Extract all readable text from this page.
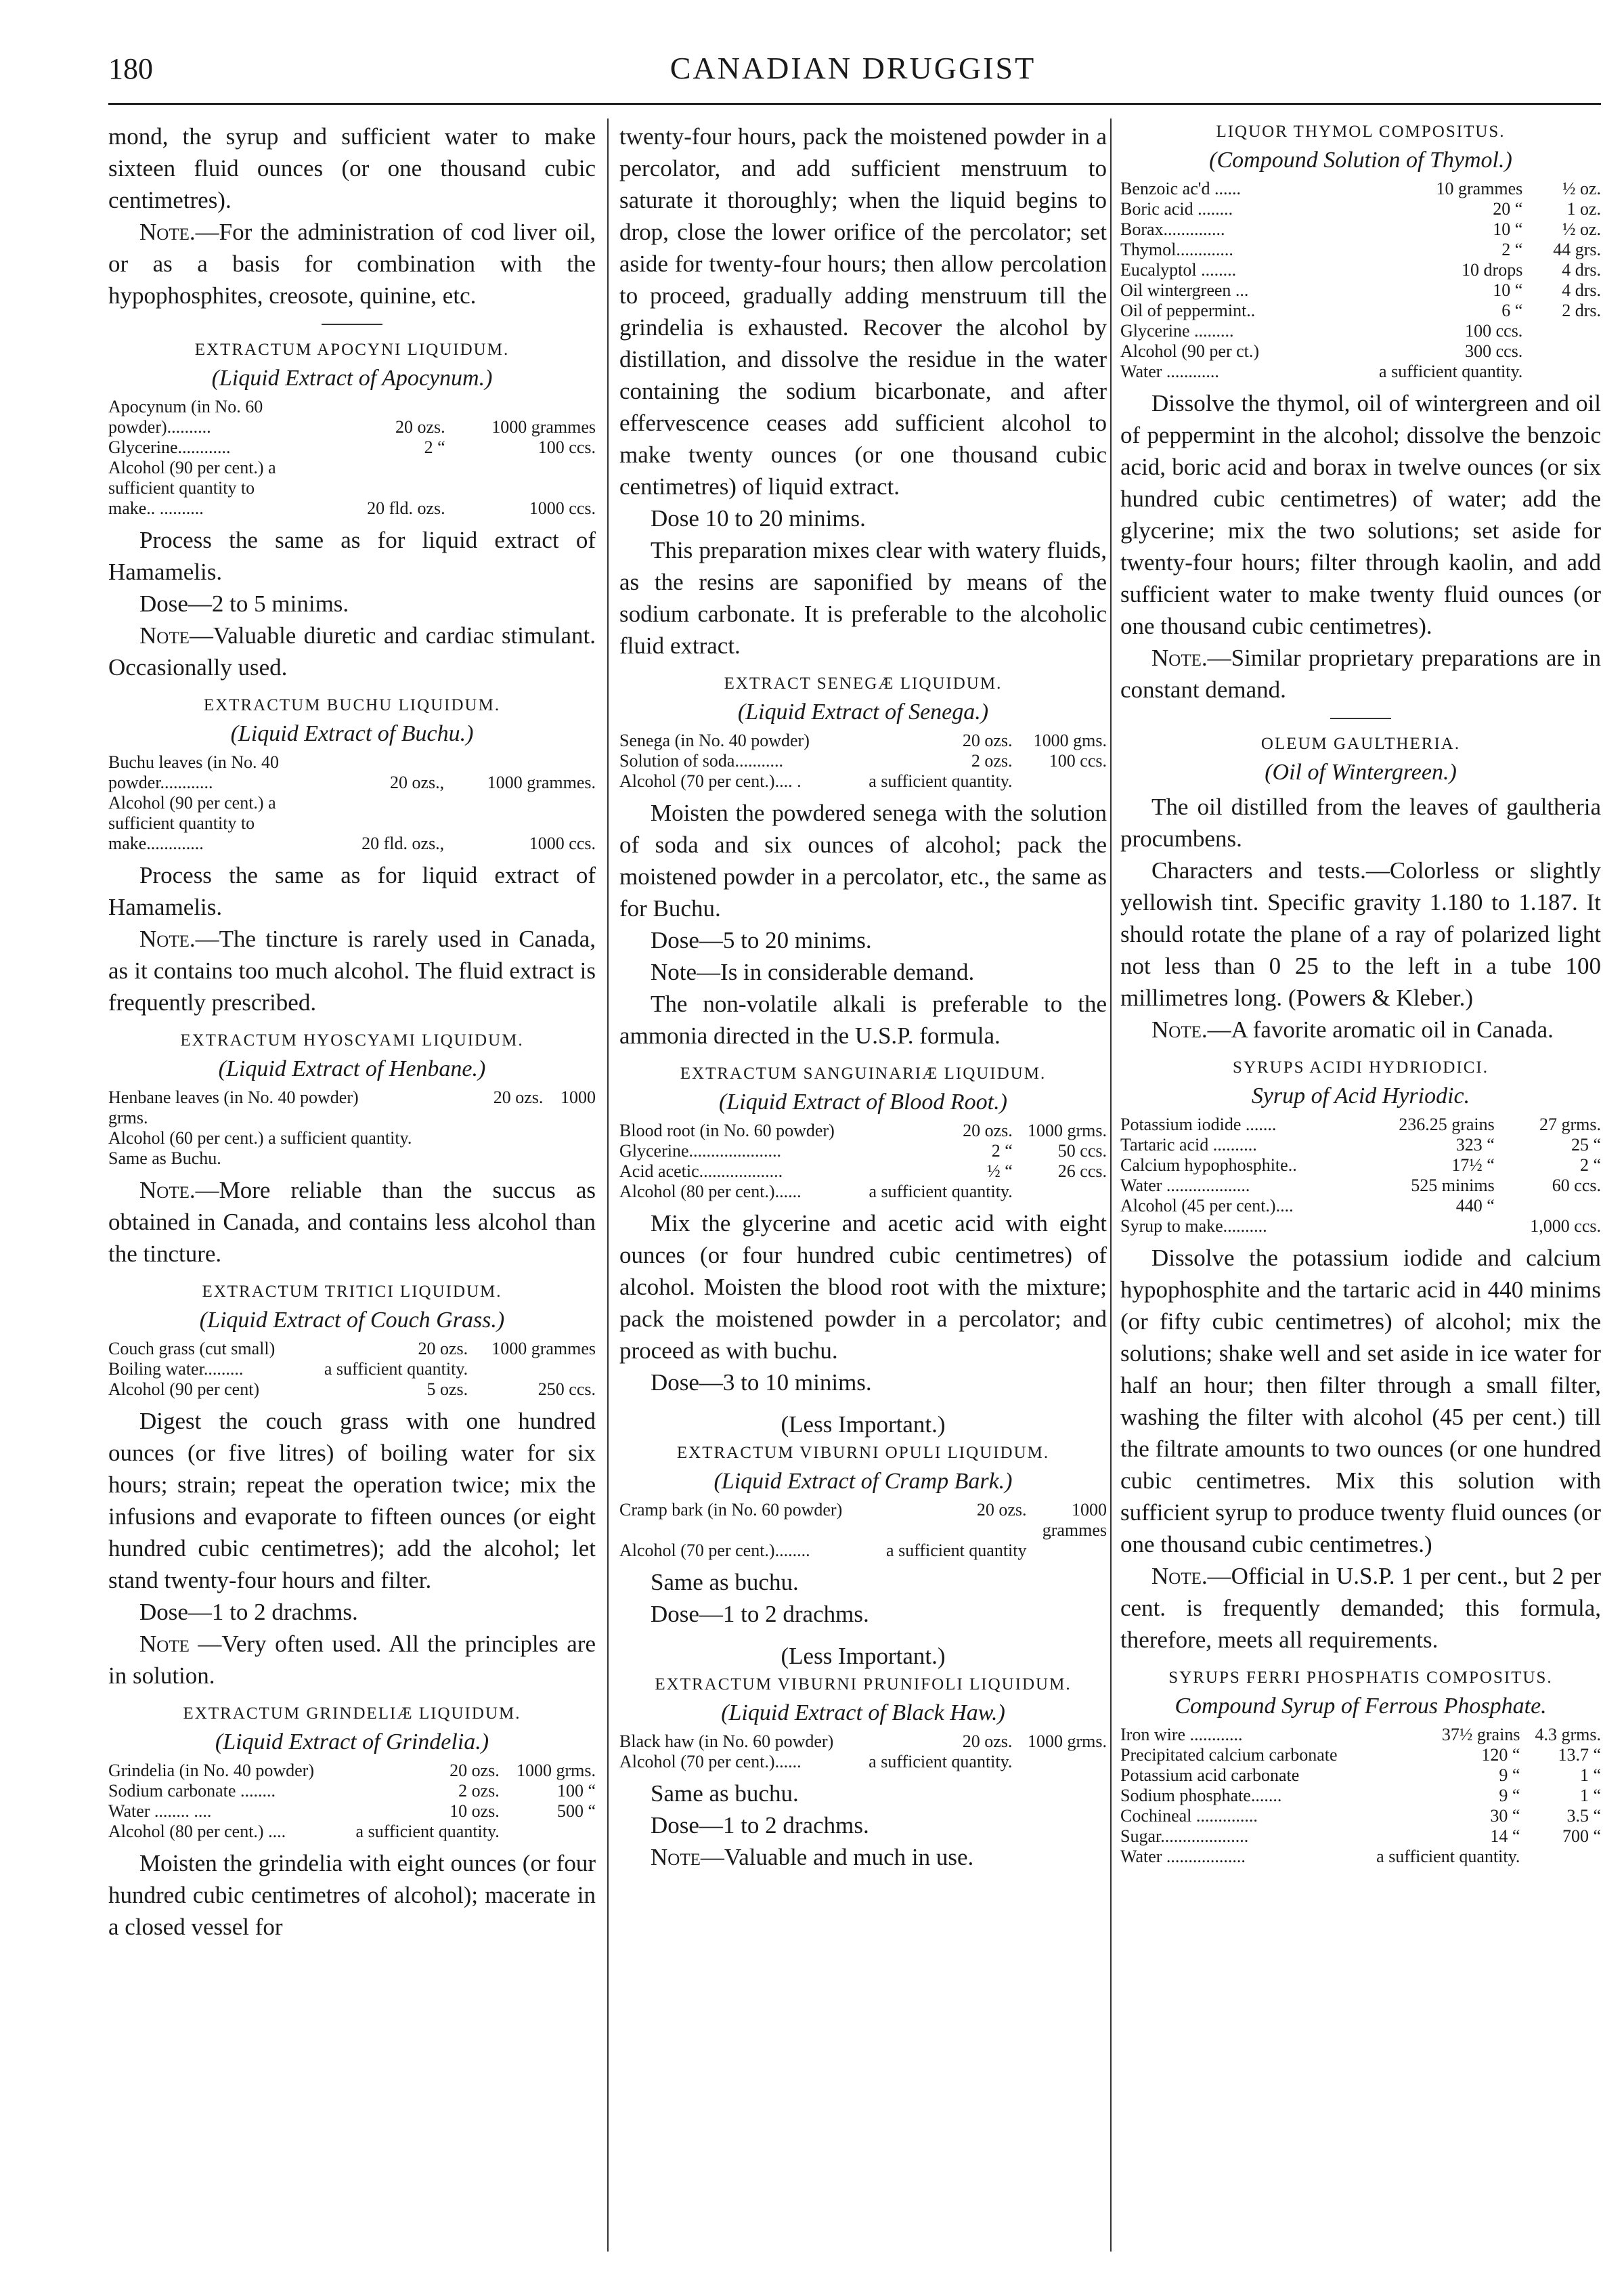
180	CANADIAN DRUGGIST

mond, the syrup and sufficient water to make sixteen fluid ounces (or one thousand cubic centimetres).

Note.—For the administration of cod liver oil, or as a basis for combination with the hypophosphites, creosote, quinine, etc.

EXTRACTUM APOCYNI LIQUIDUM.
(Liquid Extract of Apocynum.)
Apocynum (in No. 60		
powder)..........	20 ozs.	1000 grammes
Glycerine............	2 “	100 ccs.
Alcohol (90 per cent.) a		
sufficient quantity to		
make.. ..........	20 fld. ozs.	1000 ccs.

Process the same as for liquid extract of Hamamelis.

Dose—2 to 5 minims.

Note—Valuable diuretic and cardiac stimulant. Occasionally used.

EXTRACTUM BUCHU LIQUIDUM.
(Liquid Extract of Buchu.)
Buchu leaves (in No. 40		
powder............	20 ozs.,	1000 grammes.
Alcohol (90 per cent.) a		
sufficient quantity to		
make.............	20 fld. ozs.,	1000 ccs.

Process the same as for liquid extract of Hamamelis.

Note.—The tincture is rarely used in Canada, as it contains too much alcohol. The fluid extract is frequently prescribed.

EXTRACTUM HYOSCYAMI LIQUIDUM.
(Liquid Extract of Henbane.)
Henbane leaves (in No. 40 powder)	20 ozs.	1000
grms.		
Alcohol (60 per cent.) a sufficient quantity.		
Same as Buchu.		

Note.—More reliable than the succus as obtained in Canada, and contains less alcohol than the tincture.

EXTRACTUM TRITICI LIQUIDUM.
(Liquid Extract of Couch Grass.)
Couch grass (cut small)	20 ozs.	1000 grammes
Boiling water.........	a sufficient quantity.	
Alcohol (90 per cent)	5 ozs.	250 ccs.

Digest the couch grass with one hundred ounces (or five litres) of boiling water for six hours; strain; repeat the operation twice; mix the infusions and evaporate to fifteen ounces (or eight hundred cubic centimetres); add the alcohol; let stand twenty-four hours and filter.

Dose—1 to 2 drachms.

Note —Very often used. All the principles are in solution.

EXTRACTUM GRINDELIÆ LIQUIDUM.
(Liquid Extract of Grindelia.)
Grindelia (in No. 40 powder)	20 ozs.	1000 grms.
Sodium carbonate ........	2 ozs.	100 “
Water ........ ....	10 ozs.	500 “
Alcohol (80 per cent.) ....	a sufficient quantity.	

Moisten the grindelia with eight ounces (or four hundred cubic centimetres of alcohol); macerate in a closed vessel for

twenty-four hours, pack the moistened powder in a percolator, and add sufficient menstruum to saturate it thoroughly; when the liquid begins to drop, close the lower orifice of the percolator; set aside for twenty-four hours; then allow percolation to proceed, gradually adding menstruum till the grindelia is exhausted. Recover the alcohol by distillation, and dissolve the residue in the water containing the sodium bicarbonate, and after effervescence ceases add sufficient alcohol to make twenty ounces (or one thousand cubic centimetres) of liquid extract.

Dose 10 to 20 minims.

This preparation mixes clear with watery fluids, as the resins are saponified by means of the sodium carbonate. It is preferable to the alcoholic fluid extract.

EXTRACT SENEGÆ LIQUIDUM.
(Liquid Extract of Senega.)
Senega (in No. 40 powder)	20 ozs.	1000 gms.
Solution of soda...........	2 ozs.	100 ccs.
Alcohol (70 per cent.).... .	a sufficient quantity.	

Moisten the powdered senega with the solution of soda and six ounces of alcohol; pack the moistened powder in a percolator, etc., the same as for Buchu.

Dose—5 to 20 minims.

Note—Is in considerable demand.

The non-volatile alkali is preferable to the ammonia directed in the U.S.P. formula.

EXTRACTUM SANGUINARIÆ LIQUIDUM.
(Liquid Extract of Blood Root.)
Blood root (in No. 60 powder)	20 ozs.	1000 grms.
Glycerine.....................	2 “	50 ccs.
Acid acetic...................	½ “	26 ccs.
Alcohol (80 per cent.)......	a sufficient quantity.	

Mix the glycerine and acetic acid with eight ounces (or four hundred cubic centimetres) of alcohol. Moisten the blood root with the mixture; pack the moistened powder in a percolator; and proceed as with buchu.

Dose—3 to 10 minims.

(Less Important.)
EXTRACTUM VIBURNI OPULI LIQUIDUM.
(Liquid Extract of Cramp Bark.)
Cramp bark (in No. 60 powder)	20 ozs.	1000
		grammes
Alcohol (70 per cent.)........	a sufficient quantity	

Same as buchu.

Dose—1 to 2 drachms.

(Less Important.)
EXTRACTUM VIBURNI PRUNIFOLI LIQUIDUM.
(Liquid Extract of Black Haw.)
Black haw (in No. 60 powder)	20 ozs.	1000 grms.
Alcohol (70 per cent.)......	a sufficient quantity.	

Same as buchu.

Dose—1 to 2 drachms.

Note—Valuable and much in use.

LIQUOR THYMOL COMPOSITUS.
(Compound Solution of Thymol.)
Benzoic ac'd ......	10 grammes	½ oz.
Boric acid ........	20 “	1 oz.
Borax..............	10 “	½ oz.
Thymol.............	2 “	44 grs.
Eucalyptol ........	10 drops	4 drs.
Oil wintergreen ...	10 “	4 drs.
Oil of peppermint..	6 “	2 drs.
Glycerine .........	100 ccs.	
Alcohol (90 per ct.)	300 ccs.	
Water ............	a sufficient quantity.	

Dissolve the thymol, oil of wintergreen and oil of peppermint in the alcohol; dissolve the benzoic acid, boric acid and borax in twelve ounces (or six hundred cubic centimetres) of water; add the glycerine; mix the two solutions; set aside for twenty-four hours; filter through kaolin, and add sufficient water to make twenty fluid ounces (or one thousand cubic centimetres).

Note.—Similar proprietary preparations are in constant demand.

OLEUM GAULTHERIA.
(Oil of Wintergreen.)

The oil distilled from the leaves of gaultheria procumbens.

Characters and tests.—Colorless or slightly yellowish tint. Specific gravity 1.180 to 1.187. It should rotate the plane of a ray of polarized light not less than 0 25 to the left in a tube 100 millimetres long. (Powers & Kleber.)

Note.—A favorite aromatic oil in Canada.

SYRUPS ACIDI HYDRIODICI.
Syrup of Acid Hyriodic.
Potassium iodide .......	236.25 grains	27 grms.
Tartaric acid ..........	323 “	25 “
Calcium hypophosphite..	17½ “	2 “
Water ...................	525 minims	60 ccs.
Alcohol (45 per cent.)....	440 “	
Syrup to make..........		1,000 ccs.

Dissolve the potassium iodide and calcium hypophosphite and the tartaric acid in 440 minims (or fifty cubic centimetres) of alcohol; mix the solutions; shake well and set aside in ice water for half an hour; then filter through a small filter, washing the filter with alcohol (45 per cent.) till the filtrate amounts to two ounces (or one hundred cubic centimetres. Mix this solution with sufficient syrup to produce twenty fluid ounces (or one thousand cubic centimetres.)

Note.—Official in U.S.P. 1 per cent., but 2 per cent. is frequently demanded; this formula, therefore, meets all requirements.

SYRUPS FERRI PHOSPHATIS COMPOSITUS.
Compound Syrup of Ferrous Phosphate.
Iron wire ............	37½ grains	4.3 grms.
Precipitated calcium carbonate	120 “	13.7 “
Potassium acid carbonate	9 “	1 “
Sodium phosphate.......	9 “	1 “
Cochineal ..............	30 “	3.5 “
Sugar....................	14 “	700 “
Water ..................	a sufficient quantity.	
